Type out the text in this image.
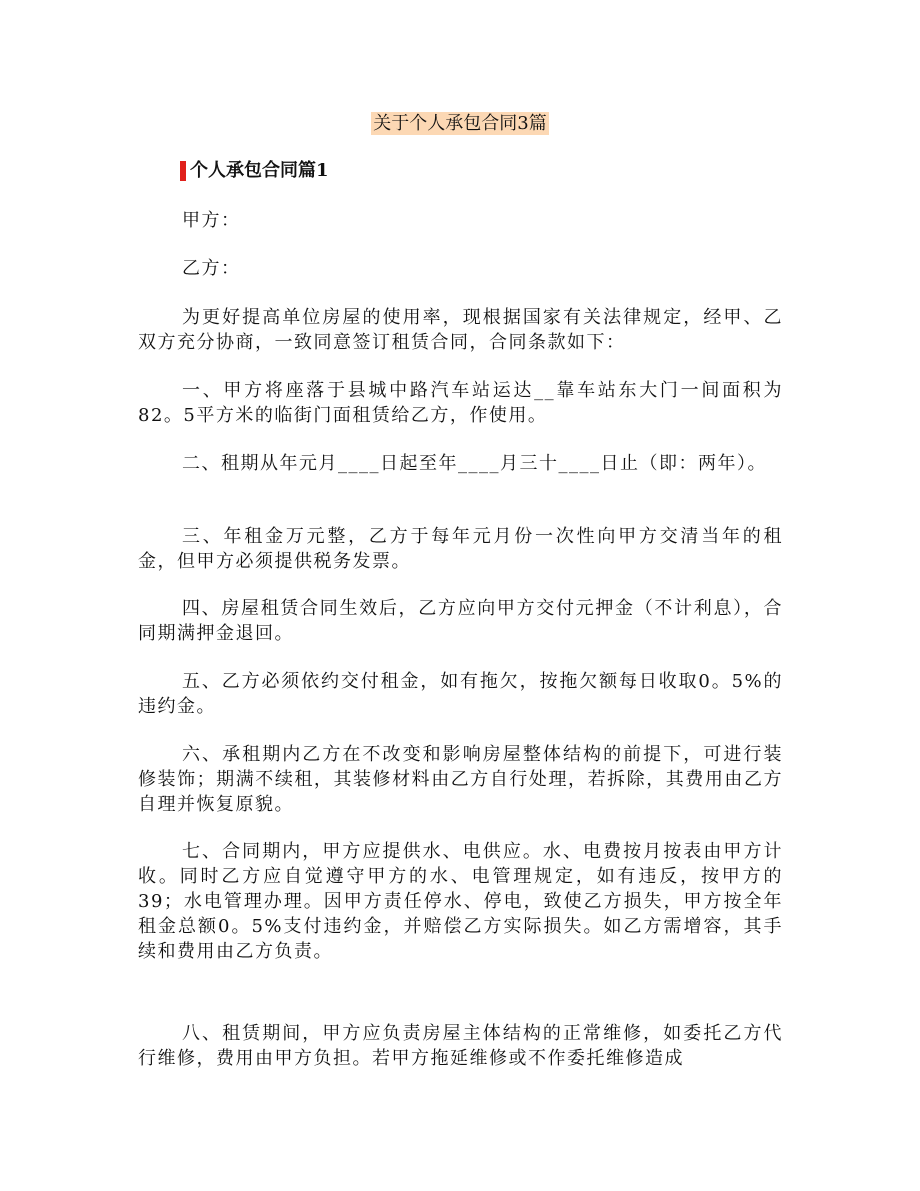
关于个人承包合同3篇
个人承包合同篇1
甲方：
乙方：
为更好提高单位房屋的使用率，现根据国家有关法律规定，经甲、乙双方充分协商，一致同意签订租赁合同，合同条款如下：
一、甲方将座落于县城中路汽车站运达__靠车站东大门一间面积为82。5平方米的临街门面租赁给乙方，作使用。
二、租期从年元月____日起至年____月三十____日止（即：两年）。
三、年租金万元整，乙方于每年元月份一次性向甲方交清当年的租金，但甲方必须提供税务发票。
四、房屋租赁合同生效后，乙方应向甲方交付元押金（不计利息），合同期满押金退回。
五、乙方必须依约交付租金，如有拖欠，按拖欠额每日收取0。5%的违约金。
六、承租期内乙方在不改变和影响房屋整体结构的前提下，可进行装修装饰；期满不续租，其装修材料由乙方自行处理，若拆除，其费用由乙方自理并恢复原貌。
七、合同期内，甲方应提供水、电供应。水、电费按月按表由甲方计收。同时乙方应自觉遵守甲方的水、电管理规定，如有违反，按甲方的39；水电管理办理。因甲方责任停水、停电，致使乙方损失，甲方按全年租金总额0。5%支付违约金，并赔偿乙方实际损失。如乙方需增容，其手续和费用由乙方负责。
八、租赁期间，甲方应负责房屋主体结构的正常维修，如委托乙方代行维修，费用由甲方负担。若甲方拖延维修或不作委托维修造成
